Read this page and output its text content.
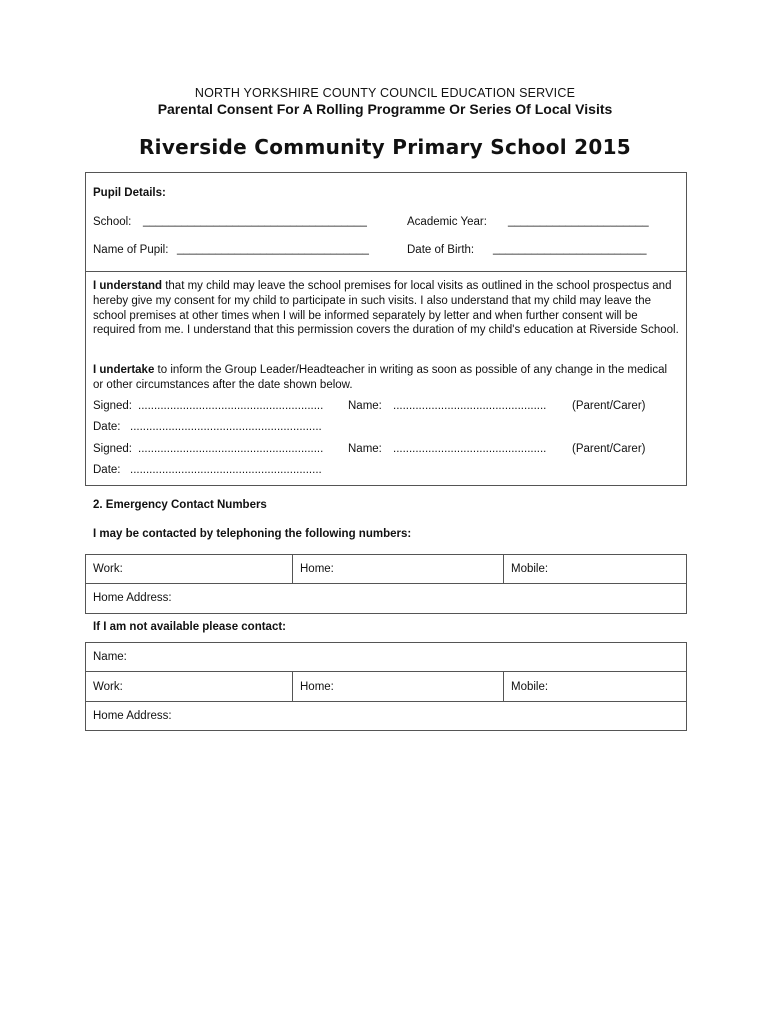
NORTH YORKSHIRE COUNTY COUNCIL EDUCATION SERVICE
Parental Consent For A Rolling Programme Or Series Of Local Visits
Riverside Community Primary School 2015
Pupil Details:
School: ___________________________________	Academic Year: ______________________
Name of Pupil: ______________________________	Date of Birth: ________________________
I understand that my child may leave the school premises for local visits as outlined in the school prospectus and hereby give my consent for my child to participate in such visits. I also understand that my child may leave the school premises at other times when I will be informed separately by letter and when further consent will be required from me. I understand that this permission covers the duration of my child's education at Riverside School.
I undertake to inform the Group Leader/Headteacher in writing as soon as possible of any change in the medical or other circumstances after the date shown below.
Signed: .......................................................... Name: ................................................ (Parent/Carer)
Date: ............................................................
Signed: .......................................................... Name: ................................................ (Parent/Carer)
Date: ............................................................
2. Emergency Contact Numbers
I may be contacted by telephoning the following numbers:
Work:	Home:	Mobile:
Home Address:
If I am not available please contact:
Name:
Work:	Home:	Mobile:
Home Address:
